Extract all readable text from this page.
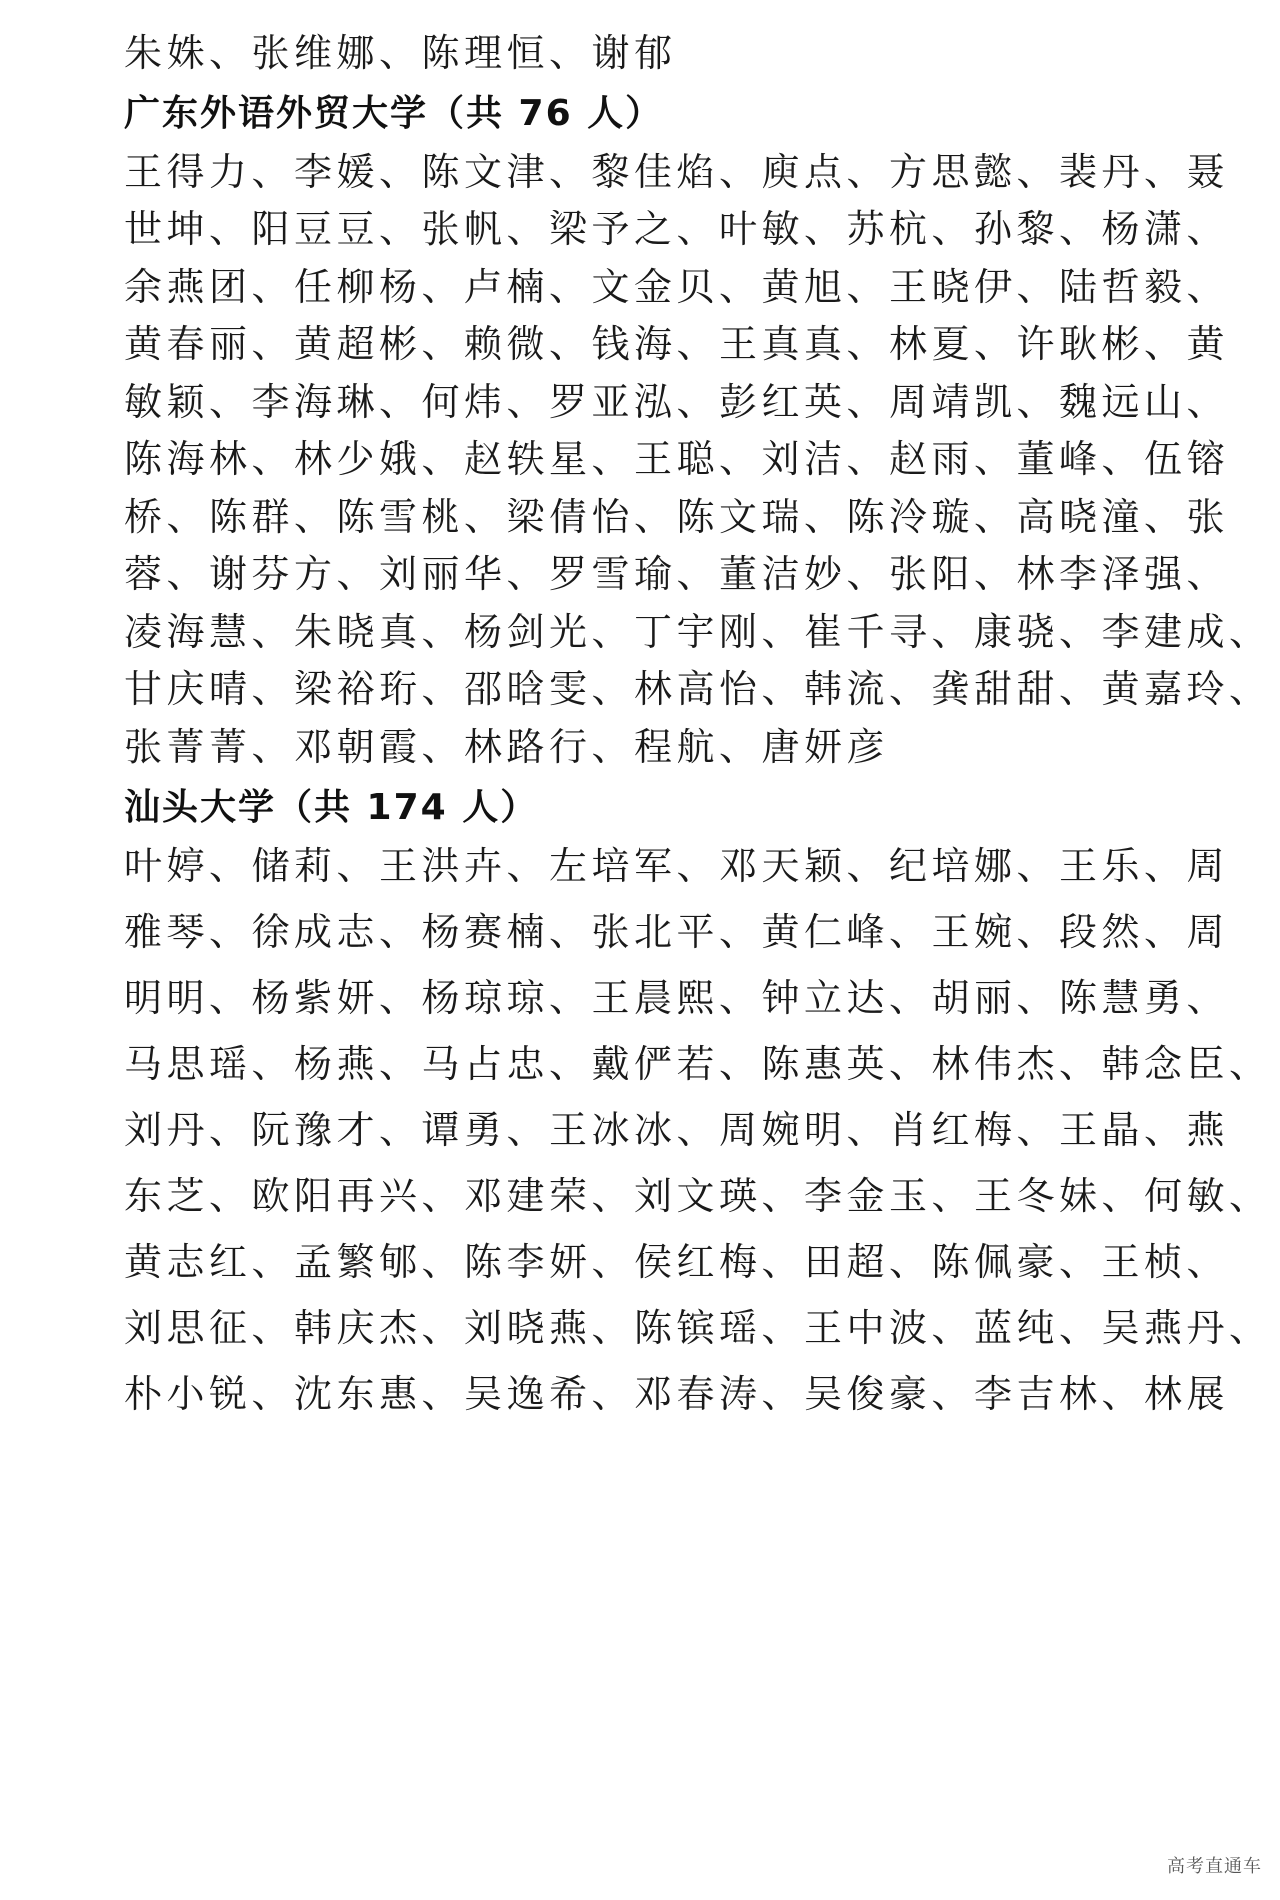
朱姝、张维娜、陈理恒、谢郁
广东外语外贸大学（共 76 人）
王得力、李媛、陈文津、黎佳焰、庾点、方思懿、裴丹、聂
世坤、阳豆豆、张帆、梁予之、叶敏、苏杭、孙黎、杨潇、
余燕团、任柳杨、卢楠、文金贝、黄旭、王晓伊、陆哲毅、
黄春丽、黄超彬、赖微、钱海、王真真、林夏、许耿彬、黄
敏颖、李海琳、何炜、罗亚泓、彭红英、周靖凯、魏远山、
陈海林、林少娥、赵轶星、王聪、刘洁、赵雨、董峰、伍镕
桥、陈群、陈雪桃、梁倩怡、陈文瑞、陈泠璇、高晓潼、张
蓉、谢芬方、刘丽华、罗雪瑜、董洁妙、张阳、林李泽强、
凌海慧、朱晓真、杨剑光、丁宇刚、崔千寻、康骁、李建成、
甘庆晴、梁裕珩、邵晗雯、林高怡、韩流、龚甜甜、黄嘉玲、
张菁菁、邓朝霞、林路行、程航、唐妍彦
汕头大学（共 174 人）
叶婷、储莉、王洪卉、左培军、邓天颖、纪培娜、王乐、周
雅琴、徐成志、杨赛楠、张北平、黄仁峰、王婉、段然、周
明明、杨紫妍、杨琼琼、王晨熙、钟立达、胡丽、陈慧勇、
马思瑶、杨燕、马占忠、戴俨若、陈惠英、林伟杰、韩念臣、
刘丹、阮豫才、谭勇、王冰冰、周婉明、肖红梅、王晶、燕
东芝、欧阳再兴、邓建荣、刘文瑛、李金玉、王冬妹、何敏、
黄志红、孟繁郇、陈李妍、侯红梅、田超、陈佩豪、王桢、
刘思征、韩庆杰、刘晓燕、陈镔瑶、王中波、蓝纯、吴燕丹、
朴小锐、沈东惠、吴逸希、邓春涛、吴俊豪、李吉林、林展
高考直通车
